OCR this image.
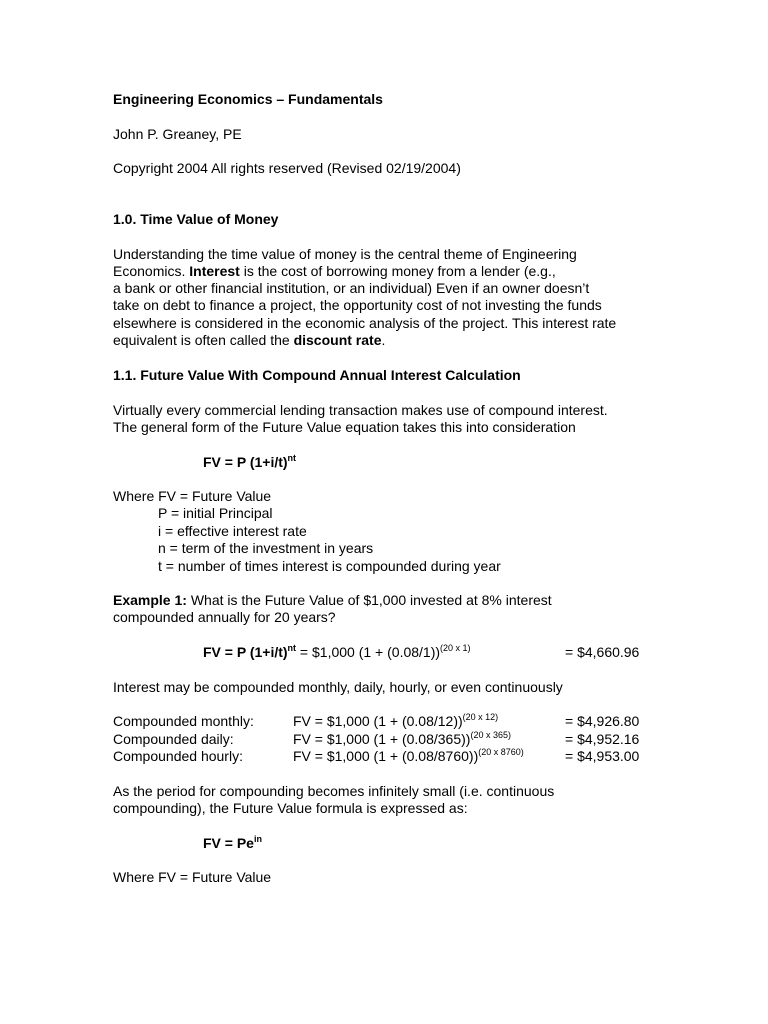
Engineering Economics – Fundamentals
John P. Greaney, PE
Copyright 2004 All rights reserved (Revised 02/19/2004)
1.0. Time Value of Money
Understanding the time value of money is the central theme of Engineering
Economics. Interest is the cost of borrowing money from a lender (e.g.,
a bank or other financial institution, or an individual) Even if an owner doesn’t
take on debt to finance a project, the opportunity cost of not investing the funds
elsewhere is considered in the economic analysis of the project. This interest rate
equivalent is often called the discount rate.
1.1. Future Value With Compound Annual Interest Calculation
Virtually every commercial lending transaction makes use of compound interest.
The general form of the Future Value equation takes this into consideration
FV = P $(1+i/t)^{nt}$
Where FV = Future Value
P = initial Principal
i = effective interest rate
n = term of the investment in years
t = number of times interest is compounded during year
Example 1: What is the Future Value of $1,000 invested at 8% interest
compounded annually for 20 years?
FV = P $(1+i/t)^{nt}$ = $1,000 $(1 + (0.08/1))^{(20 x 1)}$	= $4,660.96
Interest may be compounded monthly, daily, hourly, or even continuously
Compounded monthly:	FV = $1,000 $(1 + (0.08/12))^{(20 x 12)}$	= $4,926.80
Compounded daily:	FV = $1,000 $(1 + (0.08/365))^{(20 x 365)}$	= $4,952.16
Compounded hourly:	FV = $1,000 $(1 + (0.08/8760))^{(20 x 8760)}$	= $4,953.00
As the period for compounding becomes infinitely small (i.e. continuous
compounding), the Future Value formula is expressed as:
FV = $Pe^{in}$
Where FV = Future Value
